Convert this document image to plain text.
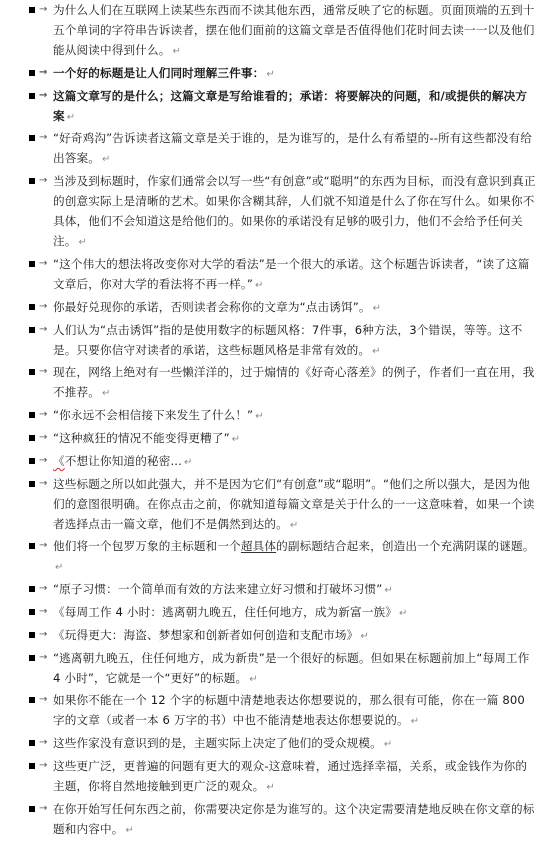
→ 为什么人们在互联网上读某些东西而不读其他东西，通常反映了它的标题。页面顶端的五到十五个单词的字符串告诉读者，摆在他们面前的这篇文章是否值得他们花时间去读一一以及他们能从阅读中得到什么。 ↵
→ 一个好的标题是让人们同时理解三件事： ↵
→ 这篇文章写的是什么；这篇文章是写给谁看的；承诺：将要解决的问题，和/或提供的解决方案 ↵
→ “好奇鸡沟”告诉读者这篇文章是关于谁的，是为谁写的，是什么有希望的--所有这些都没有给出答案。 ↵
→ 当涉及到标题时，作家们通常会以写一些“有创意”或“聪明”的东西为目标，而没有意识到真正的创意实际上是清晰的艺术。如果你含糊其辞，人们就不知道是什么了你在写什么。如果你不具体，他们不会知道这是给他们的。如果你的承诺没有足够的吸引力，他们不会给予任何关注。 ↵
→ “这个伟大的想法将改变你对大学的看法”是一个很大的承诺。这个标题告诉读者，“读了这篇文章后，你对大学的看法将不再一样。” ↵
→ 你最好兑现你的承诺，否则读者会称你的文章为“点击诱饵”。 ↵
→ 人们认为“点击诱饵”指的是使用数字的标题风格：7件事，6种方法，3个错误，等等。这不是。只要你信守对读者的承诺，这些标题风格是非常有效的。 ↵
→ 现在，网络上绝对有一些懒洋洋的，过于煽情的《好奇心落差》的例子，作者们一直在用，我不推荐。 ↵
→ “你永远不会相信接下来发生了什么！” ↵
→ “这种疯狂的情况不能变得更糟了” ↵
→ 《不想让你知道的秘密... ↵
→ 这些标题之所以如此强大，并不是因为它们“有创意”或“聪明”。“他们之所以强大，是因为他们的意图很明确。在你点击之前，你就知道每篇文章是关于什么的一一这意味着，如果一个读者选择点击一篇文章，他们不是偶然到达的。 ↵
→ 他们将一个包罗万象的主标题和一个超具体的副标题结合起来，创造出一个充满阴谋的谜题。↵
→ “原子习惯：一个简单而有效的方法来建立好习惯和打破坏习惯” ↵
→ 《每周工作 4 小时：逃离朝九晚五，住任何地方，成为新富一族》 ↵
→ 《玩得更大：海盗、梦想家和创新者如何创造和支配市场》 ↵
→ “逃离朝九晚五，住任何地方，成为新贵”是一个很好的标题。但如果在标题前加上“每周工作 4 小时”，它就是一个“更好”的标题。 ↵
→ 如果你不能在一个 12 个字的标题中清楚地表达你想要说的，那么很有可能，你在一篇 800 字的文章（或者一本 6 万字的书）中也不能清楚地表达你想要说的。 ↵
→ 这些作家没有意识到的是，主题实际上决定了他们的受众规模。 ↵
→ 这些更广泛，更普遍的问题有更大的观众-这意味着，通过选择幸福，关系，或金钱作为你的主题，你将自然地接触到更广泛的观众。 ↵
→ 在你开始写任何东西之前，你需要决定你是为谁写的。这个决定需要清楚地反映在你文章的标题和内容中。 ↵
